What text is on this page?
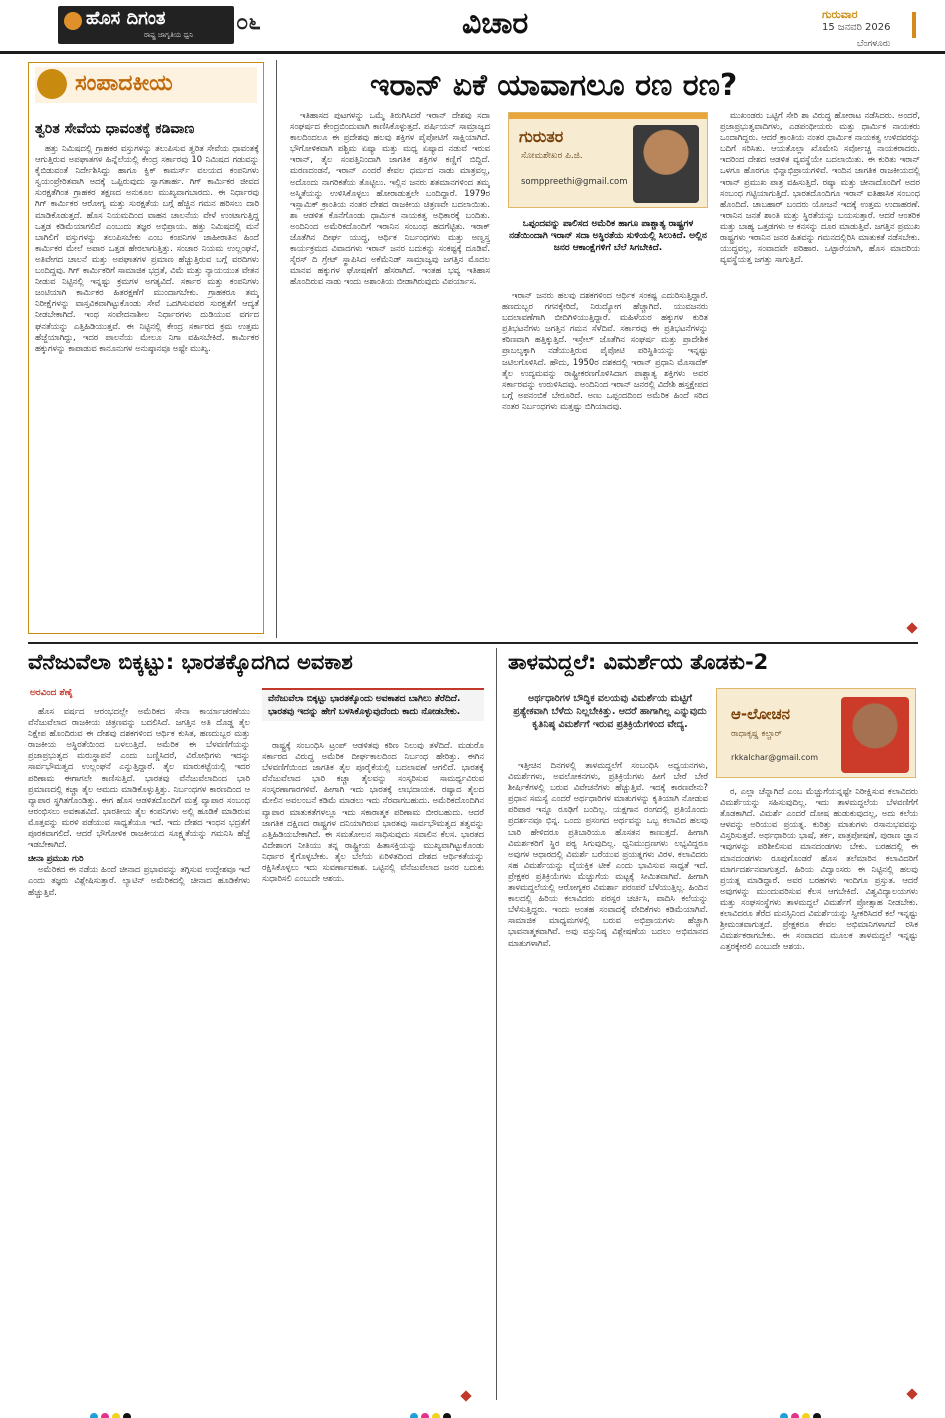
ಹೊಸ ದಿಗಂತ
ರಾಷ್ಟ್ರ ಜಾಗೃತಿಯ ಧ್ವನಿ ೦೬	ವಿಚಾರ	ಗುರುವಾರ
15 ಜನವರಿ 2026
ಬೆಂಗಳೂರು
ಸಂಪಾದಕೀಯ
ತ್ವರಿತ ಸೇವೆಯ ಧಾವಂತಕ್ಕೆ ಕಡಿವಾಣ

ಹತ್ತು ನಿಮಿಷದಲ್ಲಿ ಗ್ರಾಹಕರ ವಸ್ತುಗಳನ್ನು ತಲುಪಿಸುವ ತ್ವರಿತ ಸೇವೆಯ ಧಾವಂತಕ್ಕೆ ಆಗುತ್ತಿರುವ ಅಪಘಾತಗಳ ಹಿನ್ನೆಲೆಯಲ್ಲಿ ಕೇಂದ್ರ ಸರ್ಕಾರವು 10 ನಿಮಿಷದ ಗಡುವನ್ನು ಕೈಬಿಡುವಂತೆ ನಿರ್ದೇಶಿಸಿದ್ದು ಹಾಗೂ ಕ್ವಿಕ್ ಕಾಮರ್ಸ್ ವಲಯದ ಕಂಪನಿಗಳು ಸ್ವಯಂಪ್ರೇರಿತವಾಗಿ ಅದಕ್ಕೆ ಒಪ್ಪಿರುವುದು ಸ್ವಾಗತಾರ್ಹ. ಗಿಗ್ ಕಾರ್ಮಿಕರ ಜೀವದ ಸುರಕ್ಷತೆಗಿಂತ ಗ್ರಾಹಕರ ತಕ್ಷಣದ ಅನುಕೂಲ ಮುಖ್ಯವಾಗಬಾರದು. ಈ ನಿರ್ಧಾರವು ಗಿಗ್ ಕಾರ್ಮಿಕರ ಆರೋಗ್ಯ ಮತ್ತು ಸುರಕ್ಷತೆಯ ಬಗ್ಗೆ ಹೆಚ್ಚಿನ ಗಮನ ಹರಿಸಲು ದಾರಿ ಮಾಡಿಕೊಡುತ್ತದೆ. ಹೊಸ ನಿಯಮದಿಂದ ವಾಹನ ಚಾಲನೆಯ ವೇಳೆ ಉಂಟಾಗುತ್ತಿದ್ದ ಒತ್ತಡ ಕಡಿಮೆಯಾಗಲಿದೆ ಎಂಬುದು ತಜ್ಞರ ಅಭಿಪ್ರಾಯ. ಹತ್ತು ನಿಮಿಷದಲ್ಲಿ ಮನೆ ಬಾಗಿಲಿಗೆ ವಸ್ತುಗಳನ್ನು ತಲುಪಿಸಬೇಕು ಎಂಬ ಕಂಪನಿಗಳ ಜಾಹೀರಾತಿನ ಹಿಂದೆ ಕಾರ್ಮಿಕರ ಮೇಲೆ ಅಪಾರ ಒತ್ತಡ ಹೇರಲಾಗುತ್ತಿತ್ತು. ಸಂಚಾರ ನಿಯಮ ಉಲ್ಲಂಘನೆ, ಅತಿವೇಗದ ಚಾಲನೆ ಮತ್ತು ಅಪಘಾತಗಳ ಪ್ರಮಾಣ ಹೆಚ್ಚುತ್ತಿರುವ ಬಗ್ಗೆ ವರದಿಗಳು ಬಂದಿದ್ದವು. ಗಿಗ್ ಕಾರ್ಮಿಕರಿಗೆ ಸಾಮಾಜಿಕ ಭದ್ರತೆ, ವಿಮೆ ಮತ್ತು ನ್ಯಾಯಯುತ ವೇತನ ನೀಡುವ ನಿಟ್ಟಿನಲ್ಲಿ ಇನ್ನಷ್ಟು ಕ್ರಮಗಳ ಅಗತ್ಯವಿದೆ. ಸರ್ಕಾರ ಮತ್ತು ಕಂಪನಿಗಳು ಜಂಟಿಯಾಗಿ ಕಾರ್ಮಿಕರ ಹಿತರಕ್ಷಣೆಗೆ ಮುಂದಾಗಬೇಕು. ಗ್ರಾಹಕರೂ ತಮ್ಮ ನಿರೀಕ್ಷೆಗಳನ್ನು ವಾಸ್ತವಿಕವಾಗಿಟ್ಟುಕೊಂಡು ಸೇವೆ ಒದಗಿಸುವವರ ಸುರಕ್ಷತೆಗೆ ಆದ್ಯತೆ ನೀಡಬೇಕಾಗಿದೆ. ಇಂಥ ಸಂವೇದನಾಶೀಲ ನಿರ್ಧಾರಗಳು ದುಡಿಯುವ ವರ್ಗದ ಘನತೆಯನ್ನು ಎತ್ತಿಹಿಡಿಯುತ್ತವೆ. ಈ ನಿಟ್ಟಿನಲ್ಲಿ ಕೇಂದ್ರ ಸರ್ಕಾರದ ಕ್ರಮ ಉತ್ತಮ ಹೆಜ್ಜೆಯಾಗಿದ್ದು, ಇದರ ಪಾಲನೆಯ ಮೇಲೂ ನಿಗಾ ವಹಿಸಬೇಕಿದೆ. ಕಾರ್ಮಿಕರ ಹಕ್ಕುಗಳನ್ನು ಕಾಪಾಡುವ ಕಾನೂನುಗಳ ಅನುಷ್ಠಾನವೂ ಅಷ್ಟೇ ಮುಖ್ಯ.

ಇರಾನ್ ಏಕೆ ಯಾವಾಗಲೂ ರಣ ರಣ?

ಇತಿಹಾಸದ ಪುಟಗಳನ್ನು ಒಮ್ಮೆ ತಿರುಗಿಸಿದರೆ ಇರಾನ್ ದೇಶವು ಸದಾ ಸಂಘರ್ಷದ ಕೇಂದ್ರಬಿಂದುವಾಗಿ ಕಾಣಿಸಿಕೊಳ್ಳುತ್ತದೆ. ಪರ್ಷಿಯನ್ ಸಾಮ್ರಾಜ್ಯದ ಕಾಲದಿಂದಲೂ ಈ ಪ್ರದೇಶವು ಹಲವು ಶಕ್ತಿಗಳ ಪೈಪೋಟಿಗೆ ಸಾಕ್ಷಿಯಾಗಿದೆ. ಭೌಗೋಳಿಕವಾಗಿ ಪಶ್ಚಿಮ ಏಷ್ಯಾ ಮತ್ತು ಮಧ್ಯ ಏಷ್ಯಾದ ನಡುವೆ ಇರುವ ಇರಾನ್, ತೈಲ ಸಂಪತ್ತಿನಿಂದಾಗಿ ಜಾಗತಿಕ ಶಕ್ತಿಗಳ ಕಣ್ಣಿಗೆ ಬಿದ್ದಿದೆ. ಮರಣದಂಡನೆ, ಇರಾನ್ ಎಂದರೆ ಕೇವಲ ಧರ್ಮದ ನಾಡು ಮಾತ್ರವಲ್ಲ, ಅದೊಂದು ನಾಗರಿಕತೆಯ ತೊಟ್ಟಿಲು. ಇಲ್ಲಿನ ಜನರು ಶತಮಾನಗಳಿಂದ ತಮ್ಮ ಅಸ್ಮಿತೆಯನ್ನು ಉಳಿಸಿಕೊಳ್ಳಲು ಹೋರಾಡುತ್ತಲೇ ಬಂದಿದ್ದಾರೆ. 1979ರ ಇಸ್ಲಾಮಿಕ್ ಕ್ರಾಂತಿಯ ನಂತರ ದೇಶದ ರಾಜಕೀಯ ಚಿತ್ರಣವೇ ಬದಲಾಯಿತು. ಶಾ ಆಡಳಿತ ಕೊನೆಗೊಂಡು ಧಾರ್ಮಿಕ ನಾಯಕತ್ವ ಅಧಿಕಾರಕ್ಕೆ ಬಂದಿತು. ಅಂದಿನಿಂದ ಅಮೆರಿಕದೊಂದಿಗೆ ಇರಾನಿನ ಸಂಬಂಧ ಹದಗೆಟ್ಟಿತು. ಇರಾಕ್ ಜೊತೆಗಿನ ದೀರ್ಘ ಯುದ್ಧ, ಆರ್ಥಿಕ ನಿರ್ಬಂಧಗಳು ಮತ್ತು ಅಣ್ವಸ್ತ್ರ ಕಾರ್ಯಕ್ರಮದ ವಿವಾದಗಳು ಇರಾನ್ ಜನರ ಬದುಕನ್ನು ಸಂಕಷ್ಟಕ್ಕೆ ದೂಡಿವೆ. ಸೈರಸ್ ದಿ ಗ್ರೇಟ್ ಸ್ಥಾಪಿಸಿದ ಅಕೆಮೆನಿಡ್ ಸಾಮ್ರಾಜ್ಯವು ಜಗತ್ತಿನ ಮೊದಲ ಮಾನವ ಹಕ್ಕುಗಳ ಘೋಷಣೆಗೆ ಹೆಸರಾಗಿದೆ. ಇಂತಹ ಭವ್ಯ ಇತಿಹಾಸ ಹೊಂದಿರುವ ನಾಡು ಇಂದು ಅಶಾಂತಿಯ ಬೀಡಾಗಿರುವುದು ವಿಪರ್ಯಾಸ.

ಗುರುತರ
ಸೋಮಶೇಖರ ಪಿ.ಜಿ.
somppreethi@gmail.com
ಒಪ್ಪಂದವನ್ನು ಪಾಲಿಸದ ಅಮೆರಿಕ ಹಾಗೂ ಪಾಶ್ಚಾತ್ಯ ರಾಷ್ಟ್ರಗಳ ನಡೆಯಿಂದಾಗಿ ಇರಾನ್ ಸದಾ ಅಸ್ಥಿರತೆಯ ಸುಳಿಯಲ್ಲಿ ಸಿಲುಕಿದೆ. ಅಲ್ಲಿನ ಜನರ ಆಕಾಂಕ್ಷೆಗಳಿಗೆ ಬೆಲೆ ಸಿಗಬೇಕಿದೆ.

ಇರಾನ್ ಜನರು ಹಲವು ದಶಕಗಳಿಂದ ಆರ್ಥಿಕ ಸಂಕಷ್ಟ ಎದುರಿಸುತ್ತಿದ್ದಾರೆ. ಹಣದುಬ್ಬರ ಗಗನಕ್ಕೇರಿದೆ, ನಿರುದ್ಯೋಗ ಹೆಚ್ಚಾಗಿದೆ. ಯುವಜನರು ಬದಲಾವಣೆಗಾಗಿ ಬೀದಿಗಿಳಿಯುತ್ತಿದ್ದಾರೆ. ಮಹಿಳೆಯರ ಹಕ್ಕುಗಳ ಕುರಿತ ಪ್ರತಿಭಟನೆಗಳು ಜಗತ್ತಿನ ಗಮನ ಸೆಳೆದಿವೆ. ಸರ್ಕಾರವು ಈ ಪ್ರತಿಭಟನೆಗಳನ್ನು ಕಠಿಣವಾಗಿ ಹತ್ತಿಕ್ಕುತ್ತಿದೆ. ಇಸ್ರೇಲ್ ಜೊತೆಗಿನ ಸಂಘರ್ಷ ಮತ್ತು ಪ್ರಾದೇಶಿಕ ಪ್ರಾಬಲ್ಯಕ್ಕಾಗಿ ನಡೆಯುತ್ತಿರುವ ಪೈಪೋಟಿ ಪರಿಸ್ಥಿತಿಯನ್ನು ಇನ್ನಷ್ಟು ಜಟಿಲಗೊಳಿಸಿದೆ. ಹೌದು, 1950ರ ದಶಕದಲ್ಲಿ ಇರಾನ್ ಪ್ರಧಾನಿ ಮೊಸಾದೆಕ್ ತೈಲ ಉದ್ಯಮವನ್ನು ರಾಷ್ಟ್ರೀಕರಣಗೊಳಿಸಿದಾಗ ಪಾಶ್ಚಾತ್ಯ ಶಕ್ತಿಗಳು ಅವರ ಸರ್ಕಾರವನ್ನು ಉರುಳಿಸಿದವು. ಅಂದಿನಿಂದ ಇರಾನ್ ಜನರಲ್ಲಿ ವಿದೇಶಿ ಹಸ್ತಕ್ಷೇಪದ ಬಗ್ಗೆ ಅಪನಂಬಿಕೆ ಬೇರೂರಿದೆ. ಅಣು ಒಪ್ಪಂದದಿಂದ ಅಮೆರಿಕ ಹಿಂದೆ ಸರಿದ ನಂತರ ನಿರ್ಬಂಧಗಳು ಮತ್ತಷ್ಟು ಬಿಗಿಯಾದವು.

ಮುಖಂಡರು ಒಟ್ಟಿಗೆ ಸೇರಿ ಶಾ ವಿರುದ್ಧ ಹೋರಾಟ ನಡೆಸಿದರು. ಅಂದರೆ, ಪ್ರಜಾಪ್ರಭುತ್ವವಾದಿಗಳು, ಎಡಪಂಥೀಯರು ಮತ್ತು ಧಾರ್ಮಿಕ ನಾಯಕರು ಒಂದಾಗಿದ್ದರು. ಆದರೆ ಕ್ರಾಂತಿಯ ನಂತರ ಧಾರ್ಮಿಕ ನಾಯಕತ್ವ ಉಳಿದವರನ್ನು ಬದಿಗೆ ಸರಿಸಿತು. ಆಯತೊಲ್ಲಾ ಖೊಮೇನಿ ಸರ್ವೋಚ್ಚ ನಾಯಕರಾದರು. ಇದರಿಂದ ದೇಶದ ಆಡಳಿತ ವ್ಯವಸ್ಥೆಯೇ ಬದಲಾಯಿತು. ಈ ಕುರಿತು ಇರಾನ್ ಒಳಗೂ ಹೊರಗೂ ಭಿನ್ನಾಭಿಪ್ರಾಯಗಳಿವೆ. ಇಂದಿನ ಜಾಗತಿಕ ರಾಜಕೀಯದಲ್ಲಿ ಇರಾನ್ ಪ್ರಮುಖ ಪಾತ್ರ ವಹಿಸುತ್ತಿದೆ. ರಷ್ಯಾ ಮತ್ತು ಚೀನಾದೊಂದಿಗೆ ಅದರ ಸಂಬಂಧ ಗಟ್ಟಿಯಾಗುತ್ತಿದೆ. ಭಾರತದೊಂದಿಗೂ ಇರಾನ್ ಐತಿಹಾಸಿಕ ಸಂಬಂಧ ಹೊಂದಿದೆ. ಚಾಬಹಾರ್ ಬಂದರು ಯೋಜನೆ ಇದಕ್ಕೆ ಉತ್ತಮ ಉದಾಹರಣೆ. ಇರಾನಿನ ಜನತೆ ಶಾಂತಿ ಮತ್ತು ಸ್ಥಿರತೆಯನ್ನು ಬಯಸುತ್ತಾರೆ. ಆದರೆ ಆಂತರಿಕ ಮತ್ತು ಬಾಹ್ಯ ಒತ್ತಡಗಳು ಆ ಕನಸನ್ನು ದೂರ ಮಾಡುತ್ತಿವೆ. ಜಗತ್ತಿನ ಪ್ರಮುಖ ರಾಷ್ಟ್ರಗಳು ಇರಾನಿನ ಜನರ ಹಿತವನ್ನು ಗಮನದಲ್ಲಿರಿಸಿ ಮಾತುಕತೆ ನಡೆಸಬೇಕು. ಯುದ್ಧವಲ್ಲ, ಸಂವಾದವೇ ಪರಿಹಾರ. ಒಟ್ಟಾರೆಯಾಗಿ, ಹೊಸ ಮಾದರಿಯ ವ್ಯವಸ್ಥೆಯತ್ತ ಜಗತ್ತು ಸಾಗುತ್ತಿದೆ.

ವೆನೆಜುವೆಲಾ ಬಿಕ್ಕಟ್ಟು: ಭಾರತಕ್ಕೊದಗಿದ ಅವಕಾಶ
ಅರವಿಂದ ಶೆಣೈ
ವೆನೆಜುವೆಲಾ ಬಿಕ್ಕಟ್ಟು ಭಾರತಕ್ಕೊಂದು ಅವಕಾಶದ ಬಾಗಿಲು ತೆರೆದಿದೆ. ಭಾರತವು ಇದನ್ನು ಹೇಗೆ ಬಳಸಿಕೊಳ್ಳುವುದೆಂದು ಕಾದು ನೋಡಬೇಕು.

ಹೊಸ ವರ್ಷದ ಆರಂಭದಲ್ಲೇ ಅಮೆರಿಕದ ಸೇನಾ ಕಾರ್ಯಾಚರಣೆಯು ವೆನೆಜುವೆಲಾದ ರಾಜಕೀಯ ಚಿತ್ರಣವನ್ನು ಬದಲಿಸಿದೆ. ಜಗತ್ತಿನ ಅತಿ ದೊಡ್ಡ ತೈಲ ನಿಕ್ಷೇಪ ಹೊಂದಿರುವ ಈ ದೇಶವು ದಶಕಗಳಿಂದ ಆರ್ಥಿಕ ಕುಸಿತ, ಹಣದುಬ್ಬರ ಮತ್ತು ರಾಜಕೀಯ ಅಸ್ಥಿರತೆಯಿಂದ ಬಳಲುತ್ತಿದೆ. ಅಮೆರಿಕ ಈ ಬೆಳವಣಿಗೆಯನ್ನು ಪ್ರಜಾಪ್ರಭುತ್ವದ ಮರುಸ್ಥಾಪನೆ ಎಂದು ಬಣ್ಣಿಸಿದರೆ, ವಿರೋಧಿಗಳು ಇದನ್ನು ಸಾರ್ವಭೌಮತ್ವದ ಉಲ್ಲಂಘನೆ ಎನ್ನುತ್ತಿದ್ದಾರೆ. ತೈಲ ಮಾರುಕಟ್ಟೆಯಲ್ಲಿ ಇದರ ಪರಿಣಾಮ ಈಗಾಗಲೇ ಕಾಣಿಸುತ್ತಿದೆ. ಭಾರತವು ವೆನೆಜುವೆಲಾದಿಂದ ಭಾರಿ ಪ್ರಮಾಣದಲ್ಲಿ ಕಚ್ಚಾ ತೈಲ ಆಮದು ಮಾಡಿಕೊಳ್ಳುತ್ತಿತ್ತು. ನಿರ್ಬಂಧಗಳ ಕಾರಣದಿಂದ ಆ ವ್ಯಾಪಾರ ಸ್ಥಗಿತಗೊಂಡಿತ್ತು. ಈಗ ಹೊಸ ಆಡಳಿತದೊಂದಿಗೆ ಮತ್ತೆ ವ್ಯಾಪಾರ ಸಂಬಂಧ ಆರಂಭಿಸಲು ಅವಕಾಶವಿದೆ. ಭಾರತೀಯ ತೈಲ ಕಂಪನಿಗಳು ಅಲ್ಲಿ ಹೂಡಿಕೆ ಮಾಡಿರುವ ಮೊತ್ತವನ್ನು ಮರಳಿ ಪಡೆಯುವ ಸಾಧ್ಯತೆಯೂ ಇದೆ. ಇದು ದೇಶದ ಇಂಧನ ಭದ್ರತೆಗೆ ಪೂರಕವಾಗಲಿದೆ. ಆದರೆ ಭೌಗೋಳಿಕ ರಾಜಕೀಯದ ಸೂಕ್ಷ್ಮತೆಯನ್ನು ಗಮನಿಸಿ ಹೆಜ್ಜೆ ಇಡಬೇಕಾಗಿದೆ.

ಚೀನಾ ಪ್ರಮುಖ ಗುರಿ

ಅಮೆರಿಕದ ಈ ನಡೆಯ ಹಿಂದೆ ಚೀನಾದ ಪ್ರಭಾವವನ್ನು ತಗ್ಗಿಸುವ ಉದ್ದೇಶವೂ ಇದೆ ಎಂದು ತಜ್ಞರು ವಿಶ್ಲೇಷಿಸುತ್ತಾರೆ. ಲ್ಯಾಟಿನ್ ಅಮೆರಿಕದಲ್ಲಿ ಚೀನಾದ ಹೂಡಿಕೆಗಳು ಹೆಚ್ಚುತ್ತಿವೆ.

ರಾಷ್ಟ್ರಕ್ಕೆ ಸಂಬಂಧಿಸಿ ಟ್ರಂಪ್ ಆಡಳಿತವು ಕಠಿಣ ನಿಲುವು ತಳೆದಿದೆ. ಮಡುರೊ ಸರ್ಕಾರದ ವಿರುದ್ಧ ಅಮೆರಿಕ ದೀರ್ಘಕಾಲದಿಂದ ನಿರ್ಬಂಧ ಹೇರಿತ್ತು. ಈಗಿನ ಬೆಳವಣಿಗೆಯಿಂದ ಜಾಗತಿಕ ತೈಲ ಪೂರೈಕೆಯಲ್ಲಿ ಬದಲಾವಣೆ ಆಗಲಿದೆ. ಭಾರತಕ್ಕೆ ವೆನೆಜುವೆಲಾದ ಭಾರಿ ಕಚ್ಚಾ ತೈಲವನ್ನು ಸಂಸ್ಕರಿಸುವ ಸಾಮರ್ಥ್ಯವಿರುವ ಸಂಸ್ಕರಣಾಗಾರಗಳಿವೆ. ಹೀಗಾಗಿ ಇದು ಭಾರತಕ್ಕೆ ಲಾಭದಾಯಕ. ರಷ್ಯಾದ ತೈಲದ ಮೇಲಿನ ಅವಲಂಬನೆ ಕಡಿಮೆ ಮಾಡಲು ಇದು ನೆರವಾಗಬಹುದು. ಅಮೆರಿಕದೊಂದಿಗಿನ ವ್ಯಾಪಾರ ಮಾತುಕತೆಗಳಲ್ಲೂ ಇದು ಸಕಾರಾತ್ಮಕ ಪರಿಣಾಮ ಬೀರಬಹುದು. ಆದರೆ ಜಾಗತಿಕ ದಕ್ಷಿಣದ ರಾಷ್ಟ್ರಗಳ ದನಿಯಾಗಿರುವ ಭಾರತವು ಸಾರ್ವಭೌಮತ್ವದ ತತ್ವವನ್ನು ಎತ್ತಿಹಿಡಿಯಬೇಕಾಗಿದೆ. ಈ ಸಮತೋಲನ ಸಾಧಿಸುವುದು ಸವಾಲಿನ ಕೆಲಸ. ಭಾರತದ ವಿದೇಶಾಂಗ ನೀತಿಯು ತನ್ನ ರಾಷ್ಟ್ರೀಯ ಹಿತಾಸಕ್ತಿಯನ್ನು ಮುಖ್ಯವಾಗಿಟ್ಟುಕೊಂಡು ನಿರ್ಧಾರ ಕೈಗೊಳ್ಳಬೇಕು. ತೈಲ ಬೆಲೆಯ ಏರಿಳಿತದಿಂದ ದೇಶದ ಆರ್ಥಿಕತೆಯನ್ನು ರಕ್ಷಿಸಿಕೊಳ್ಳಲು ಇದು ಸುವರ್ಣಾವಕಾಶ. ಒಟ್ಟಿನಲ್ಲಿ ವೆನೆಜುವೆಲಾದ ಜನರ ಬದುಕು ಸುಧಾರಿಸಲಿ ಎಂಬುದೇ ಆಶಯ.

ತಾಳಮದ್ದಲೆ: ವಿಮರ್ಶೆಯ ತೊಡಕು-2
ಅರ್ಥಧಾರಿಗಳ ಬೌದ್ಧಿಕ ವಲಯವು ವಿಮರ್ಶೆಯ ಮಟ್ಟಿಗೆ ಪ್ರತ್ಯೇಕವಾಗಿ ಬೆಳೆದು ನಿಲ್ಲಬೇಕಿತ್ತು. ಆದರೆ ಹಾಗಾಗಿಲ್ಲ ಎನ್ನುವುದು ಕೃತಿನಿಷ್ಠ ವಿಮರ್ಶೆಗೆ ಇರುವ ಪ್ರತಿಕ್ರಿಯೆಗಳಿಂದ ವೇದ್ಯ.
ಆ-ಲೋಚನ
ರಾಧಾಕೃಷ್ಣ ಕಲ್ಚಾರ್
rkkalchar@gmail.com

ಇತ್ತೀಚಿನ ದಿನಗಳಲ್ಲಿ ತಾಳಮದ್ದಲೆಗೆ ಸಂಬಂಧಿಸಿ ಅಧ್ಯಯನಗಳು, ವಿಮರ್ಶೆಗಳು, ಅವಲೋಕನಗಳು, ಪ್ರತಿಕ್ರಿಯೆಗಳು ಹೀಗೆ ಬೇರೆ ಬೇರೆ ಶೀರ್ಷಿಕೆಗಳಲ್ಲಿ ಬರುವ ವಿವೇಚನೆಗಳು ಹೆಚ್ಚುತ್ತಿವೆ. ಇದಕ್ಕೆ ಕಾರಣವೇನು? ಪ್ರಧಾನ ಸಮಸ್ಯೆ ಎಂದರೆ ಅರ್ಥಧಾರಿಗಳ ಮಾತುಗಳನ್ನು ಕೃತಿಯಾಗಿ ನೋಡುವ ಪರಿಪಾಠ ಇನ್ನೂ ರೂಢಿಗೆ ಬಂದಿಲ್ಲ. ಯಕ್ಷಗಾನ ರಂಗದಲ್ಲಿ ಪ್ರತಿಯೊಂದು ಪ್ರದರ್ಶನವೂ ಭಿನ್ನ. ಒಂದು ಪ್ರಸಂಗದ ಅರ್ಥವನ್ನು ಒಬ್ಬ ಕಲಾವಿದ ಹಲವು ಬಾರಿ ಹೇಳಿದರೂ ಪ್ರತಿಬಾರಿಯೂ ಹೊಸತನ ಕಾಣುತ್ತದೆ. ಹೀಗಾಗಿ ವಿಮರ್ಶಕರಿಗೆ ಸ್ಥಿರ ಪಠ್ಯ ಸಿಗುವುದಿಲ್ಲ. ಧ್ವನಿಮುದ್ರಣಗಳು ಲಭ್ಯವಿದ್ದರೂ ಅವುಗಳ ಆಧಾರದಲ್ಲಿ ವಿಮರ್ಶೆ ಬರೆಯುವ ಪ್ರಯತ್ನಗಳು ವಿರಳ. ಕಲಾವಿದರು ಸಹ ವಿಮರ್ಶೆಯನ್ನು ವೈಯಕ್ತಿಕ ಟೀಕೆ ಎಂದು ಭಾವಿಸುವ ಸಾಧ್ಯತೆ ಇದೆ. ಪ್ರೇಕ್ಷಕರ ಪ್ರತಿಕ್ರಿಯೆಗಳು ಮೆಚ್ಚುಗೆಯ ಮಟ್ಟಕ್ಕೆ ಸೀಮಿತವಾಗಿವೆ. ಹೀಗಾಗಿ ತಾಳಮದ್ದಲೆಯಲ್ಲಿ ಆರೋಗ್ಯಕರ ವಿಮರ್ಶಾ ಪರಂಪರೆ ಬೆಳೆಯುತ್ತಿಲ್ಲ. ಹಿಂದಿನ ಕಾಲದಲ್ಲಿ ಹಿರಿಯ ಕಲಾವಿದರು ಪರಸ್ಪರ ಚರ್ಚಿಸಿ, ವಾದಿಸಿ ಕಲೆಯನ್ನು ಬೆಳೆಸುತ್ತಿದ್ದರು. ಇಂದು ಅಂತಹ ಸಂವಾದಕ್ಕೆ ವೇದಿಕೆಗಳು ಕಡಿಮೆಯಾಗಿವೆ. ಸಾಮಾಜಿಕ ಮಾಧ್ಯಮಗಳಲ್ಲಿ ಬರುವ ಅಭಿಪ್ರಾಯಗಳು ಹೆಚ್ಚಾಗಿ ಭಾವನಾತ್ಮಕವಾಗಿವೆ. ಅವು ವಸ್ತುನಿಷ್ಠ ವಿಶ್ಲೇಷಣೆಯ ಬದಲು ಅಭಿಮಾನದ ಮಾತುಗಳಾಗಿವೆ.

ರ, ಎಲ್ಲಾ ಚೆನ್ನಾಗಿದೆ ಎಂಬ ಮೆಚ್ಚುಗೆಯನ್ನಷ್ಟೇ ನಿರೀಕ್ಷಿಸುವ ಕಲಾವಿದರು ವಿಮರ್ಶೆಯನ್ನು ಸಹಿಸುವುದಿಲ್ಲ. ಇದು ತಾಳಮದ್ದಲೆಯ ಬೆಳವಣಿಗೆಗೆ ತೊಡಕಾಗಿದೆ. ವಿಮರ್ಶೆ ಎಂದರೆ ದೋಷ ಹುಡುಕುವುದಲ್ಲ, ಅದು ಕಲೆಯ ಆಳವನ್ನು ಅರಿಯುವ ಪ್ರಯತ್ನ. ಕುರಿತ್ತು ಮಾತುಗಳು ರಸಾನುಭವವನ್ನು ವಿಸ್ತರಿಸುತ್ತವೆ. ಅರ್ಥಧಾರಿಯ ಭಾಷೆ, ತರ್ಕ, ಪಾತ್ರಪೋಷಣೆ, ಪುರಾಣ ಜ್ಞಾನ ಇವುಗಳನ್ನು ಪರಿಶೀಲಿಸುವ ಮಾನದಂಡಗಳು ಬೇಕು. ಬರಹದಲ್ಲಿ ಈ ಮಾನದಂಡಗಳು ರೂಪುಗೊಂಡರೆ ಹೊಸ ತಲೆಮಾರಿನ ಕಲಾವಿದರಿಗೆ ಮಾರ್ಗದರ್ಶನವಾಗುತ್ತದೆ. ಹಿರಿಯ ವಿದ್ವಾಂಸರು ಈ ನಿಟ್ಟಿನಲ್ಲಿ ಹಲವು ಪ್ರಯತ್ನ ಮಾಡಿದ್ದಾರೆ. ಅವರ ಬರಹಗಳು ಇಂದಿಗೂ ಪ್ರಸ್ತುತ. ಆದರೆ ಅವುಗಳನ್ನು ಮುಂದುವರಿಸುವ ಕೆಲಸ ಆಗಬೇಕಿದೆ. ವಿಶ್ವವಿದ್ಯಾಲಯಗಳು ಮತ್ತು ಸಂಘಸಂಸ್ಥೆಗಳು ತಾಳಮದ್ದಲೆ ವಿಮರ್ಶೆಗೆ ಪ್ರೋತ್ಸಾಹ ನೀಡಬೇಕು. ಕಲಾವಿದರೂ ತೆರೆದ ಮನಸ್ಸಿನಿಂದ ವಿಮರ್ಶೆಯನ್ನು ಸ್ವೀಕರಿಸಿದರೆ ಕಲೆ ಇನ್ನಷ್ಟು ಶ್ರೀಮಂತವಾಗುತ್ತದೆ. ಪ್ರೇಕ್ಷಕರೂ ಕೇವಲ ಅಭಿಮಾನಿಗಳಾಗದೆ ರಸಿಕ ವಿಮರ್ಶಕರಾಗಬೇಕು. ಈ ಸಂವಾದದ ಮೂಲಕ ತಾಳಮದ್ದಲೆ ಇನ್ನಷ್ಟು ಎತ್ತರಕ್ಕೇರಲಿ ಎಂಬುದೇ ಆಶಯ.
